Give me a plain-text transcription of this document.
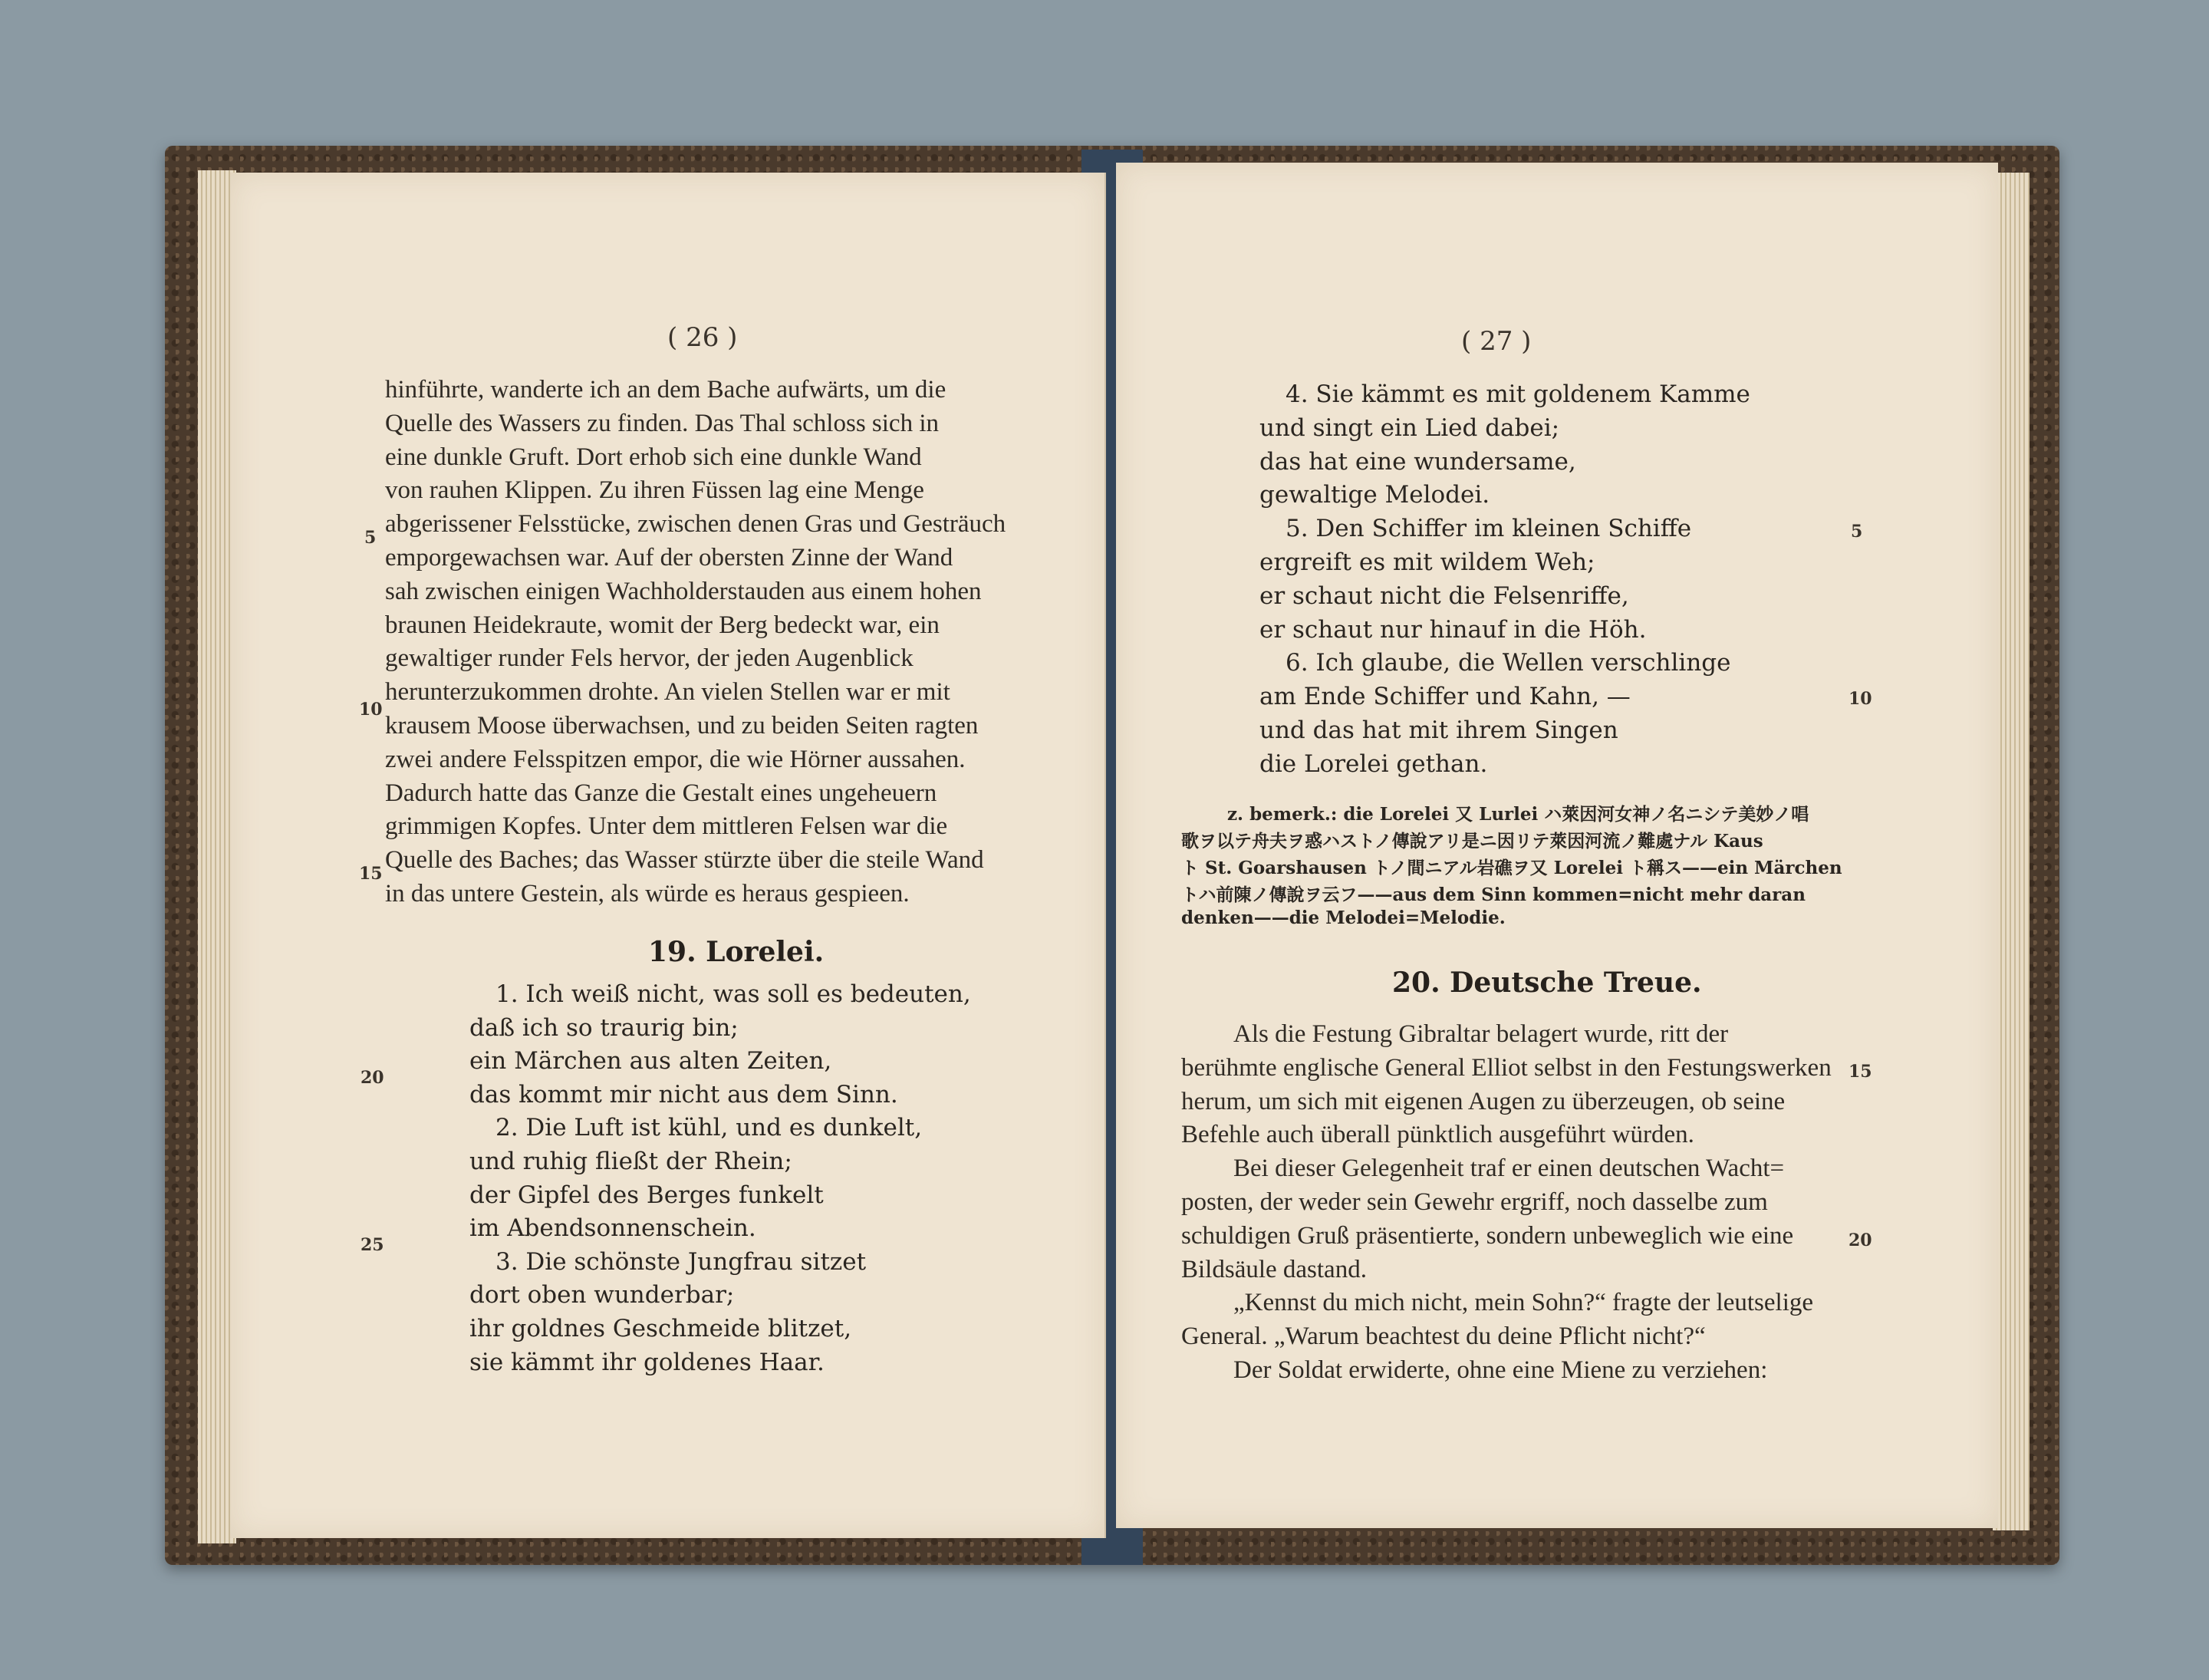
( 26 )
hinführte, wanderte ich an dem Bache aufwärts, um die
Quelle des Wassers zu finden. Das Thal schloss sich in
eine dunkle Gruft. Dort erhob sich eine dunkle Wand
von rauhen Klippen. Zu ihren Füssen lag eine Menge
abgerissener Felsstücke, zwischen denen Gras und Gesträuch
emporgewachsen war. Auf der obersten Zinne der Wand
sah zwischen einigen Wachholderstauden aus einem hohen
braunen Heidekraute, womit der Berg bedeckt war, ein
gewaltiger runder Fels hervor, der jeden Augenblick
herunterzukommen drohte. An vielen Stellen war er mit
krausem Moose überwachsen, und zu beiden Seiten ragten
zwei andere Felsspitzen empor, die wie Hörner aussahen.
Dadurch hatte das Ganze die Gestalt eines ungeheuern
grimmigen Kopfes. Unter dem mittleren Felsen war die
Quelle des Baches; das Wasser stürzte über die steile Wand
in das untere Gestein, als würde es heraus gespieen.
19. Lorelei.
1. Ich weiß nicht, was soll es bedeuten,
daß ich so traurig bin;
ein Märchen aus alten Zeiten,
das kommt mir nicht aus dem Sinn.
2. Die Luft ist kühl, und es dunkelt,
und ruhig fließt der Rhein;
der Gipfel des Berges funkelt
im Abendsonnenschein.
3. Die schönste Jungfrau sitzet
dort oben wunderbar;
ihr goldnes Geschmeide blitzet,
sie kämmt ihr goldenes Haar.
5
10
15
20
25
( 27 )
4. Sie kämmt es mit goldenem Kamme
und singt ein Lied dabei;
das hat eine wundersame,
gewaltige Melodei.
5. Den Schiffer im kleinen Schiffe
ergreift es mit wildem Weh;
er schaut nicht die Felsenriffe,
er schaut nur hinauf in die Höh.
6. Ich glaube, die Wellen verschlinge
am Ende Schiffer und Kahn, —
und das hat mit ihrem Singen
die Lorelei gethan.
z. bemerk.: die Lorelei 又 Lurlei ハ萊因河女神ノ名ニシテ美妙ノ唱
歌ヲ以テ舟夫ヲ惑ハストノ傳說アリ是ニ因リテ萊因河流ノ難處ナル Kaus
ト St. Goarshausen トノ間ニアル岩礁ヲ又 Lorelei ト稱ス——ein Märchen
トハ前陳ノ傳說ヲ云フ——aus dem Sinn kommen=nicht mehr daran
denken——die Melodei=Melodie.
20. Deutsche Treue.
Als die Festung Gibraltar belagert wurde, ritt der
berühmte englische General Elliot selbst in den Festungswerken
herum, um sich mit eigenen Augen zu überzeugen, ob seine
Befehle auch überall pünktlich ausgeführt würden.
Bei dieser Gelegenheit traf er einen deutschen Wacht=
posten, der weder sein Gewehr ergriff, noch dasselbe zum
schuldigen Gruß präsentierte, sondern unbeweglich wie eine
Bildsäule dastand.
„Kennst du mich nicht, mein Sohn?“ fragte der leutselige
General. „Warum beachtest du deine Pflicht nicht?“
Der Soldat erwiderte, ohne eine Miene zu verziehen:
5
10
15
20
